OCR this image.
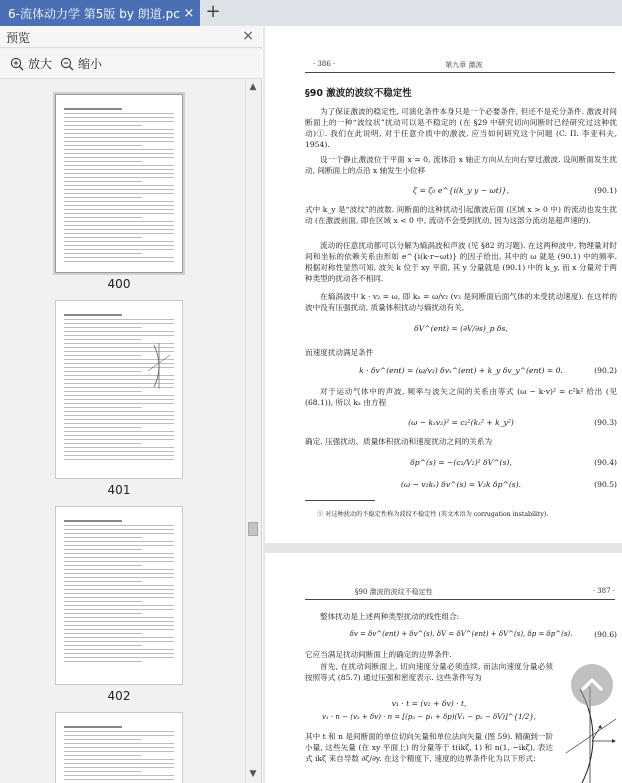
6-流体动力学 第5版 by 朗道.pc × +
预览	×
放大 缩小
400
401
402
▲
▼
· 386 ·	第九章 激波
§90 激波的波纹不稳定性
为了保证激波的稳定性, 可演化条件本身只是一个必要条件, 但还不是充分条件. 激波对间断面上的一种“波纹状”扰动可以是不稳定的 (在 §29 中研究切向间断时已经研究过这种扰动)①. 我们在此说明, 对于任意介质中的激波, 应当如何研究这个问题 (C. П. 李亚科夫, 1954).
设一个静止激波位于平面 x = 0, 流体沿 x 轴正方向从左向右穿过激波. 设间断面发生扰动, 间断面上的点沿 x 轴发生小位移
ζ = ζ₀ e^{i(k_y y − ωt)},	(90.1)
式中 k_y 是“波纹”的波数. 间断面的这种扰动引起激波后面 (区域 x > 0 中) 的流动也发生扰动 (在激波前面, 即在区域 x < 0 中, 流动不会受到扰动, 因为这部分流动是超声速的).
流动的任意扰动都可以分解为熵涡波和声波 (见 §82 的习题). 在这两种波中, 物理量对时间和坐标的依赖关系由形如 e^{i(k·r−ωt)} 的因子给出, 其中的 ω 就是 (90.1) 中的频率. 根据对称性显然可知, 波矢 k 位于 xy 平面, 其 y 分量就是 (90.1) 中的 k_y, 而 x 分量对于两种类型的扰动各不相同.
在熵涡波中 k · v₂ = ω, 即 kₓ = ω/v₂ (v₂ 是间断面后面气体的未受扰动速度). 在这样的波中没有压强扰动, 质量体积扰动与熵扰动有关,
δV^(ent) = (∂V/∂s)_p δs,
而速度扰动满足条件
k · δv^(ent) = (ω/v₂) δvₓ^(ent) + k_y δv_y^(ent) = 0.	(90.2)
对于运动气体中的声波, 频率与波矢之间的关系由等式 (ω − k·v)² = c²k² 给出 (见 (68.1)), 所以 kₓ 由方程
(ω − kₓv₂)² = c₂²(kₓ² + k_y²)	(90.3)
确定. 压强扰动、质量体积扰动和速度扰动之间的关系为
δp^(s) = −(c₂/V₂)² δV^(s),	(90.4)
(ω − v₂kₓ) δv^(s) = V₂k δp^(s).	(90.5)
① 对这种扰动的不稳定性称为波纹不稳定性 (英文术语为 corrugation instability).
§90 激波的波纹不稳定性	· 387 ·
整体扰动是上述两种类型扰动的线性组合:
δv = δv^(ent) + δv^(s), δV = δV^(ent) + δV^(s), δp = δp^(s).	(90.6)
它应当满足扰动间断面上的确定的边界条件.
首先, 在扰动间断面上, 切向速度分量必须连续, 而法向速度分量必须按照等式 (85.7) 通过压强和密度表示. 这些条件写为
v₁ · t = (v₂ + δv) · t,
v₁ · n − (v₂ + δv) · n = [(p₂ − p₁ + δp)(V₁ − p₂ − δV)]^{1/2},
其中 t 和 n 是间断面的单位切向矢量和单位法向矢量 (图 59). 精确到一阶小量, 这些矢量 (在 xy 平面上) 的分量等于 t(ikζ, 1) 和 n(1, −ikζ), 表达式 ikζ 来自导数 ∂ζ/∂y. 在这个精度下, 速度的边界条件化为以下形式:
